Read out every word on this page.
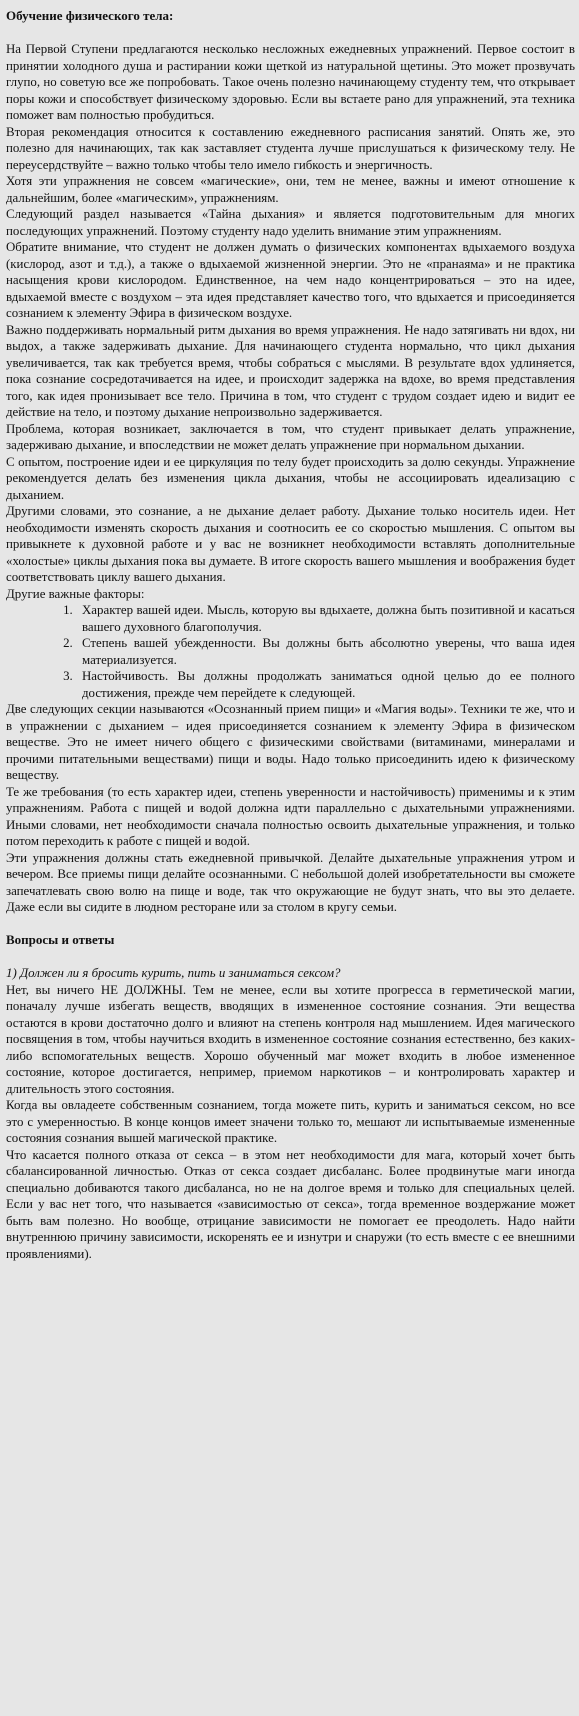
Обучение физического тела:

На Первой Ступени предлагаются несколько несложных ежедневных упражнений. Первое состоит в принятии холодного душа и растирании кожи щеткой из натуральной щетины. Это может прозвучать глупо, но советую все же попробовать. Такое очень полезно начинающему студенту тем, что открывает поры кожи и способствует физическому здоровью. Если вы встаете рано для упражнений, эта техника поможет вам полностью пробудиться.

Вторая рекомендация относится к составлению ежедневного расписания занятий. Опять же, это полезно для начинающих, так как заставляет студента лучше прислушаться к физическому телу. Не переусердствуйте – важно только чтобы тело имело гибкость и энергичность.

Хотя эти упражнения не совсем «магические», они, тем не менее, важны и имеют отношение к дальнейшим, более «магическим», упражнениям.

Следующий раздел называется «Тайна дыхания» и является подготовительным для многих последующих упражнений. Поэтому студенту надо уделить внимание этим упражнениям.

Обратите внимание, что студент не должен думать о физических компонентах вдыхаемого воздуха (кислород, азот и т.д.), а также о вдыхаемой жизненной энергии. Это не «пранаяма» и не практика насыщения крови кислородом. Единственное, на чем надо концентрироваться – это на идее, вдыхаемой вместе с воздухом – эта идея представляет качество того, что вдыхается и присоединяется сознанием к элементу Эфира в физическом воздухе.

Важно поддерживать нормальный ритм дыхания во время упражнения. Не надо затягивать ни вдох, ни выдох, а также задерживать дыхание. Для начинающего студента нормально, что цикл дыхания увеличивается, так как требуется время, чтобы собраться с мыслями. В результате вдох удлиняется, пока сознание сосредотачивается на идее, и происходит задержка на вдохе, во время представления того, как идея пронизывает все тело. Причина в том, что студент с трудом создает идею и видит ее действие на тело, и поэтому дыхание непроизвольно задерживается.

Проблема, которая возникает, заключается в том, что студент привыкает делать упражнение, задерживаю дыхание, и впоследствии не может делать упражнение при нормальном дыхании.

С опытом, построение идеи и ее циркуляция по телу будет происходить за долю секунды. Упражнение рекомендуется делать без изменения цикла дыхания, чтобы не ассоциировать идеализацию с дыханием.

Другими словами, это сознание, а не дыхание делает работу. Дыхание только носитель идеи. Нет необходимости изменять скорость дыхания и соотносить ее со скоростью мышления. С опытом вы привыкнете к духовной работе и у вас не возникнет необходимости вставлять дополнительные «холостые» циклы дыхания пока вы думаете. В итоге скорость вашего мышления и воображения будет соответствовать циклу вашего дыхания.

Другие важные факторы:

1. Характер вашей идеи. Мысль, которую вы вдыхаете, должна быть позитивной и касаться вашего духовного благополучия.
2. Степень вашей убежденности. Вы должны быть абсолютно уверены, что ваша идея материализуется.
3. Настойчивость. Вы должны продолжать заниматься одной целью до ее полного достижения, прежде чем перейдете к следующей.

Две следующих секции называются «Осознанный прием пищи» и «Магия воды». Техники те же, что и в упражнении с дыханием – идея присоединяется сознанием к элементу Эфира в физическом веществе. Это не имеет ничего общего с физическими свойствами (витаминами, минералами и прочими питательными веществами) пищи и воды. Надо только присоединить идею к физическому веществу.

Те же требования (то есть характер идеи, степень уверенности и настойчивость) применимы и к этим упражнениям. Работа с пищей и водой должна идти параллельно с дыхательными упражнениями. Иными словами, нет необходимости сначала полностью освоить дыхательные упражнения, и только потом переходить к работе с пищей и водой.

Эти упражнения должны стать ежедневной привычкой. Делайте дыхательные упражнения утром и вечером. Все приемы пищи делайте осознанными. С небольшой долей изобретательности вы сможете запечатлевать свою волю на пище и воде, так что окружающие не будут знать, что вы это делаете. Даже если вы сидите в людном ресторане или за столом в кругу семьи.

Вопросы и ответы

1) Должен ли я бросить курить, пить и заниматься сексом?

Нет, вы ничего НЕ ДОЛЖНЫ. Тем не менее, если вы хотите прогресса в герметической магии, поначалу лучше избегать веществ, вводящих в измененное состояние сознания. Эти вещества остаются в крови достаточно долго и влияют на степень контроля над мышлением. Идея магического посвящения в том, чтобы научиться входить в измененное состояние сознания естественно, без каких-либо вспомогательных веществ. Хорошо обученный маг может входить в любое измененное состояние, которое достигается, непример, приемом наркотиков – и контролировать характер и длительность этого состояния.

Когда вы овладеете собственным сознанием, тогда можете пить, курить и заниматься сексом, но все это с умеренностью. В конце концов имеет значени только то, мешают ли испытываемые измененные состояния сознания вышей магической практике.

Что касается полного отказа от секса – в этом нет необходимости для мага, который хочет быть сбалансированной личностью. Отказ от секса создает дисбаланс. Более продвинутые маги иногда специально добиваются такого дисбаланса, но не на долгое время и только для специальных целей. Если у вас нет того, что называется «зависимостью от секса», тогда временное воздержание может быть вам полезно. Но вообще, отрицание зависимости не помогает ее преодолеть. Надо найти внутреннюю причину зависимости, искоренять ее и изнутри и снаружи (то есть вместе с ее внешними проявлениями).
